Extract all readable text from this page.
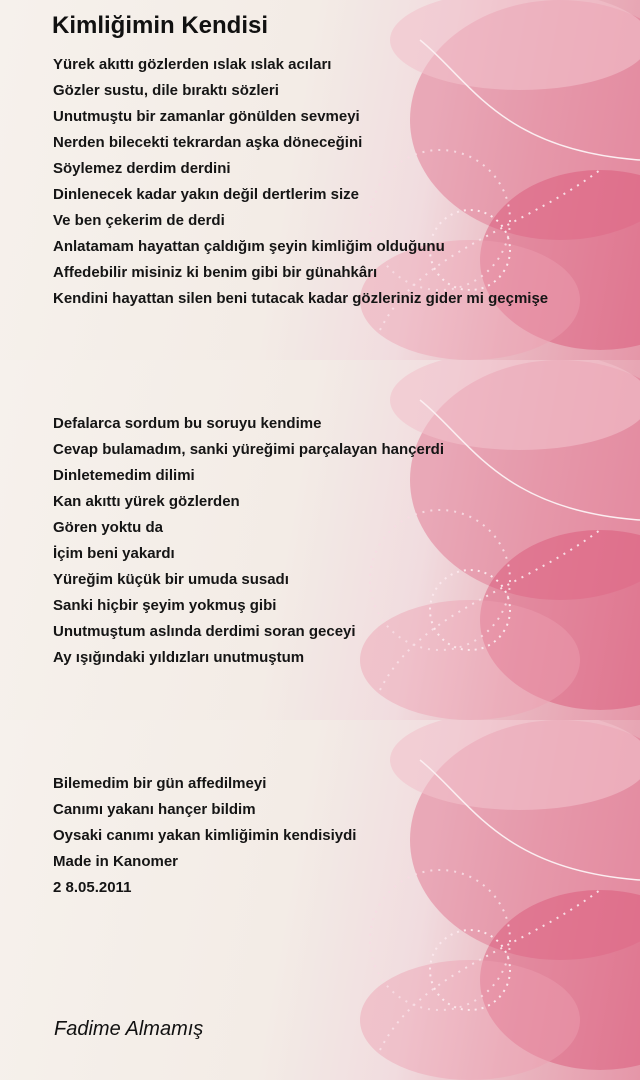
Kimliğimin Kendisi
Yürek akıttı gözlerden ıslak ıslak acıları
Gözler sustu, dile bıraktı sözleri
Unutmuştu bir zamanlar gönülden sevmeyi
Nerden bilecekti tekrardan aşka döneceğini
Söylemez derdim derdini
Dinlenecek kadar yakın değil dertlerim size
Ve ben çekerim de derdi
Anlatamam hayattan çaldığım şeyin kimliğim olduğunu
Affedebilir misiniz ki benim gibi bir günahkârı
Kendini hayattan silen beni tutacak kadar gözleriniz gider mi geçmişe
Defalarca sordum bu soruyu kendime
Cevap bulamadım, sanki yüreğimi parçalayan hançerdi
Dinletemedim dilimi
Kan akıttı yürek gözlerden
Gören yoktu da
İçim beni yakardı
Yüreğim küçük bir umuda susadı
Sanki hiçbir şeyim yokmuş gibi
Unutmuştum aslında derdimi soran geceyi
Ay ışığındaki yıldızları unutmuştum
Bilemedim bir gün affedilmeyi
Canımı yakanı hançer bildim
Oysaki canımı yakan kimliğimin kendisiydi
Made in Kanomer
2 8.05.2011
Fadime Almamış
